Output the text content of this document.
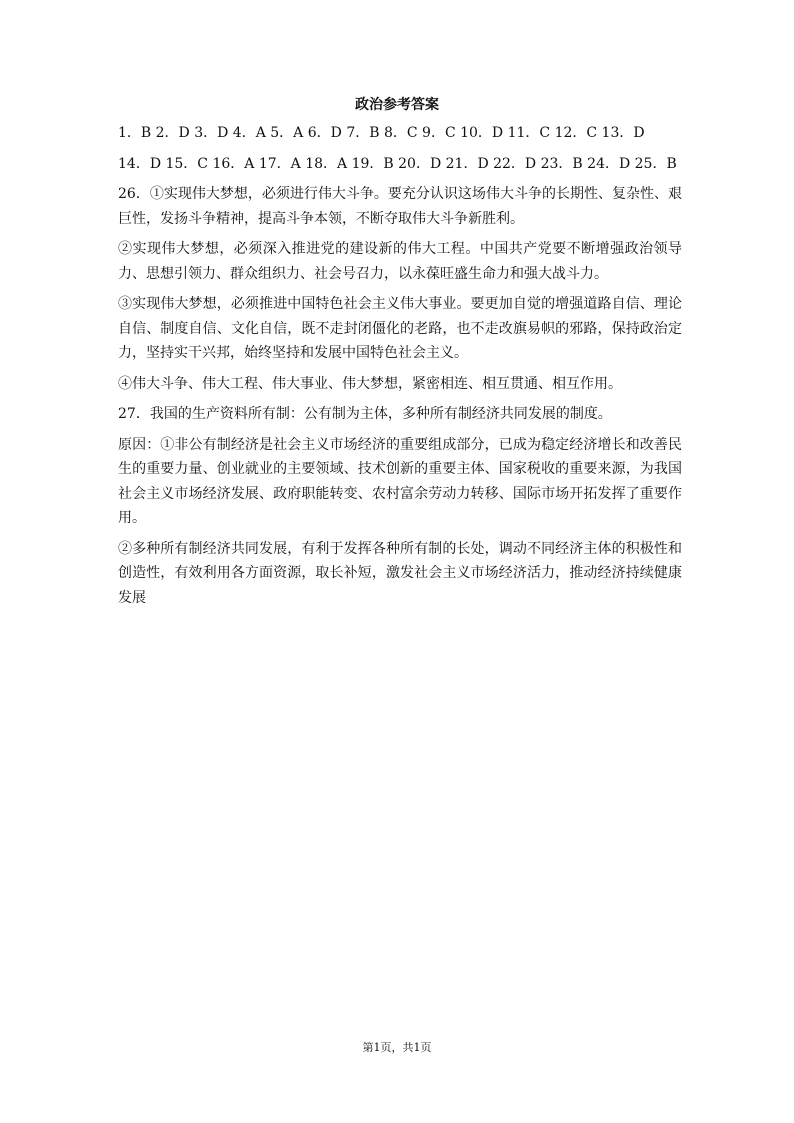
政治参考答案

1．B 2．D 3．D 4．A 5．A 6．D 7．B 8．C 9．C 10．D 11．C 12．C 13．D

14．D 15．C 16．A 17．A 18．A 19．B 20．D 21．D 22．D 23．B 24．D 25．B

26．①实现伟大梦想，必须进行伟大斗争。要充分认识这场伟大斗争的长期性、复杂性、艰巨性，发扬斗争精神，提高斗争本领，不断夺取伟大斗争新胜利。

②实现伟大梦想，必须深入推进党的建设新的伟大工程。中国共产党要不断增强政治领导力、思想引领力、群众组织力、社会号召力，以永葆旺盛生命力和强大战斗力。

③实现伟大梦想，必须推进中国特色社会主义伟大事业。要更加自觉的增强道路自信、理论自信、制度自信、文化自信，既不走封闭僵化的老路，也不走改旗易帜的邪路，保持政治定力，坚持实干兴邦，始终坚持和发展中国特色社会主义。

④伟大斗争、伟大工程、伟大事业、伟大梦想，紧密相连、相互贯通、相互作用。

27．我国的生产资料所有制：公有制为主体，多种所有制经济共同发展的制度。

原因：①非公有制经济是社会主义市场经济的重要组成部分，已成为稳定经济增长和改善民生的重要力量、创业就业的主要领域、技术创新的重要主体、国家税收的重要来源，为我国社会主义市场经济发展、政府职能转变、农村富余劳动力转移、国际市场开拓发挥了重要作用。

②多种所有制经济共同发展，有利于发挥各种所有制的长处，调动不同经济主体的积极性和创造性，有效利用各方面资源，取长补短，激发社会主义市场经济活力，推动经济持续健康发展

第1页，共1页
